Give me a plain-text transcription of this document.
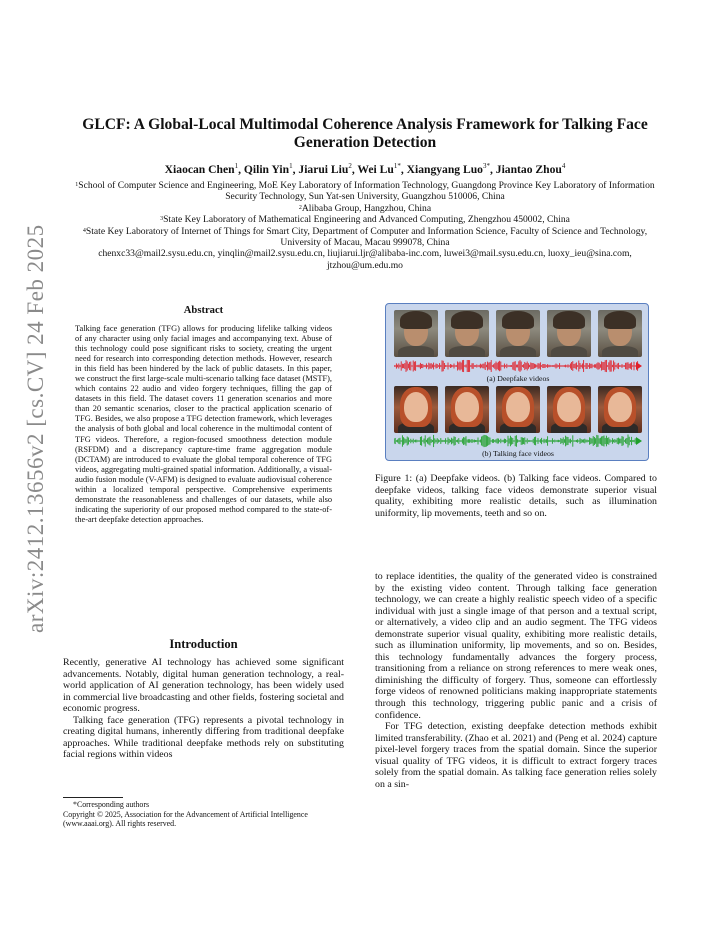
arXiv:2412.13656v2 [cs.CV] 24 Feb 2025
GLCF: A Global-Local Multimodal Coherence Analysis Framework for Talking Face Generation Detection
Xiaocan Chen$^1$, Qilin Yin$^1$, Jiarui Liu$^2$, Wei $Lu^{1*}$, Xiangyang Luo$^{3*}$, Jiantao Zhou$^4$
$^1$School of Computer Science and Engineering, MoE Key Laboratory of Information Technology, Guangdong Province Key Laboratory of Information Security Technology, Sun Yat-sen University, Guangzhou 510006, China
$^2$Alibaba Group, Hangzhou, China
$^3$State Key Laboratory of Mathematical Engineering and Advanced Computing, Zhengzhou 450002, China
$^4$State Key Laboratory of Internet of Things for Smart City, Department of Computer and Information Science, Faculty of Science and Technology, University of Macau, Macau 999078, China
chenxc33@mail2.sysu.edu.cn, yinqlin@mail2.sysu.edu.cn, liujiarui.ljr@alibaba-inc.com, luwei3@mail.sysu.edu.cn, luoxy_ieu@sina.com, jtzhou@um.edu.mo
Abstract
Talking face generation (TFG) allows for producing lifelike talking videos of any character using only facial images and accompanying text. Abuse of this technology could pose significant risks to society, creating the urgent need for research into corresponding detection methods. However, research in this field has been hindered by the lack of public datasets. In this paper, we construct the first large-scale multi-scenario talking face dataset (MSTF), which contains 22 audio and video forgery techniques, filling the gap of datasets in this field. The dataset covers 11 generation scenarios and more than 20 semantic scenarios, closer to the practical application scenario of TFG. Besides, we also propose a TFG detection framework, which leverages the analysis of both global and local coherence in the multimodal content of TFG videos. Therefore, a region-focused smoothness detection module (RSFDM) and a discrepancy capture-time frame aggregation module (DCTAM) are introduced to evaluate the global temporal coherence of TFG videos, aggregating multi-grained spatial information. Additionally, a visual-audio fusion module (V-AFM) is designed to evaluate audiovisual coherence within a localized temporal perspective. Comprehensive experiments demonstrate the reasonableness and challenges of our datasets, while also indicating the superiority of our proposed method compared to the state-of-the-art deepfake detection approaches.
Introduction

Recently, generative AI technology has achieved some significant advancements. Notably, digital human generation technology, a real-world application of AI generation technology, has been widely used in commercial live broadcasting and other fields, fostering societal and economic progress.

Talking face generation (TFG) represents a pivotal technology in creating digital humans, inherently differing from traditional deepfake approaches. While traditional deepfake methods rely on substituting facial regions within videos

*Corresponding authors
Copyright © 2025, Association for the Advancement of Artificial Intelligence (www.aaai.org). All rights reserved.
(a) Deepfake videos
(b) Talking face videos
Figure 1: (a) Deepfake videos. (b) Talking face videos. Compared to deepfake videos, talking face videos demonstrate superior visual quality, exhibiting more realistic details, such as illumination uniformity, lip movements, teeth and so on.

to replace identities, the quality of the generated video is constrained by the existing video content. Through talking face generation technology, we can create a highly realistic speech video of a specific individual with just a single image of that person and a textual script, or alternatively, a video clip and an audio segment. The TFG videos demonstrate superior visual quality, exhibiting more realistic details, such as illumination uniformity, lip movements, and so on. Besides, this technology fundamentally advances the forgery process, transitioning from a reliance on strong references to mere weak ones, diminishing the difficulty of forgery. Thus, someone can effortlessly forge videos of renowned politicians making inappropriate statements through this technology, triggering public panic and a crisis of confidence.

For TFG detection, existing deepfake detection methods exhibit limited transferability. (Zhao et al. 2021) and (Peng et al. 2024) capture pixel-level forgery traces from the spatial domain. Since the superior visual quality of TFG videos, it is difficult to extract forgery traces solely from the spatial domain. As talking face generation relies solely on a sin-
